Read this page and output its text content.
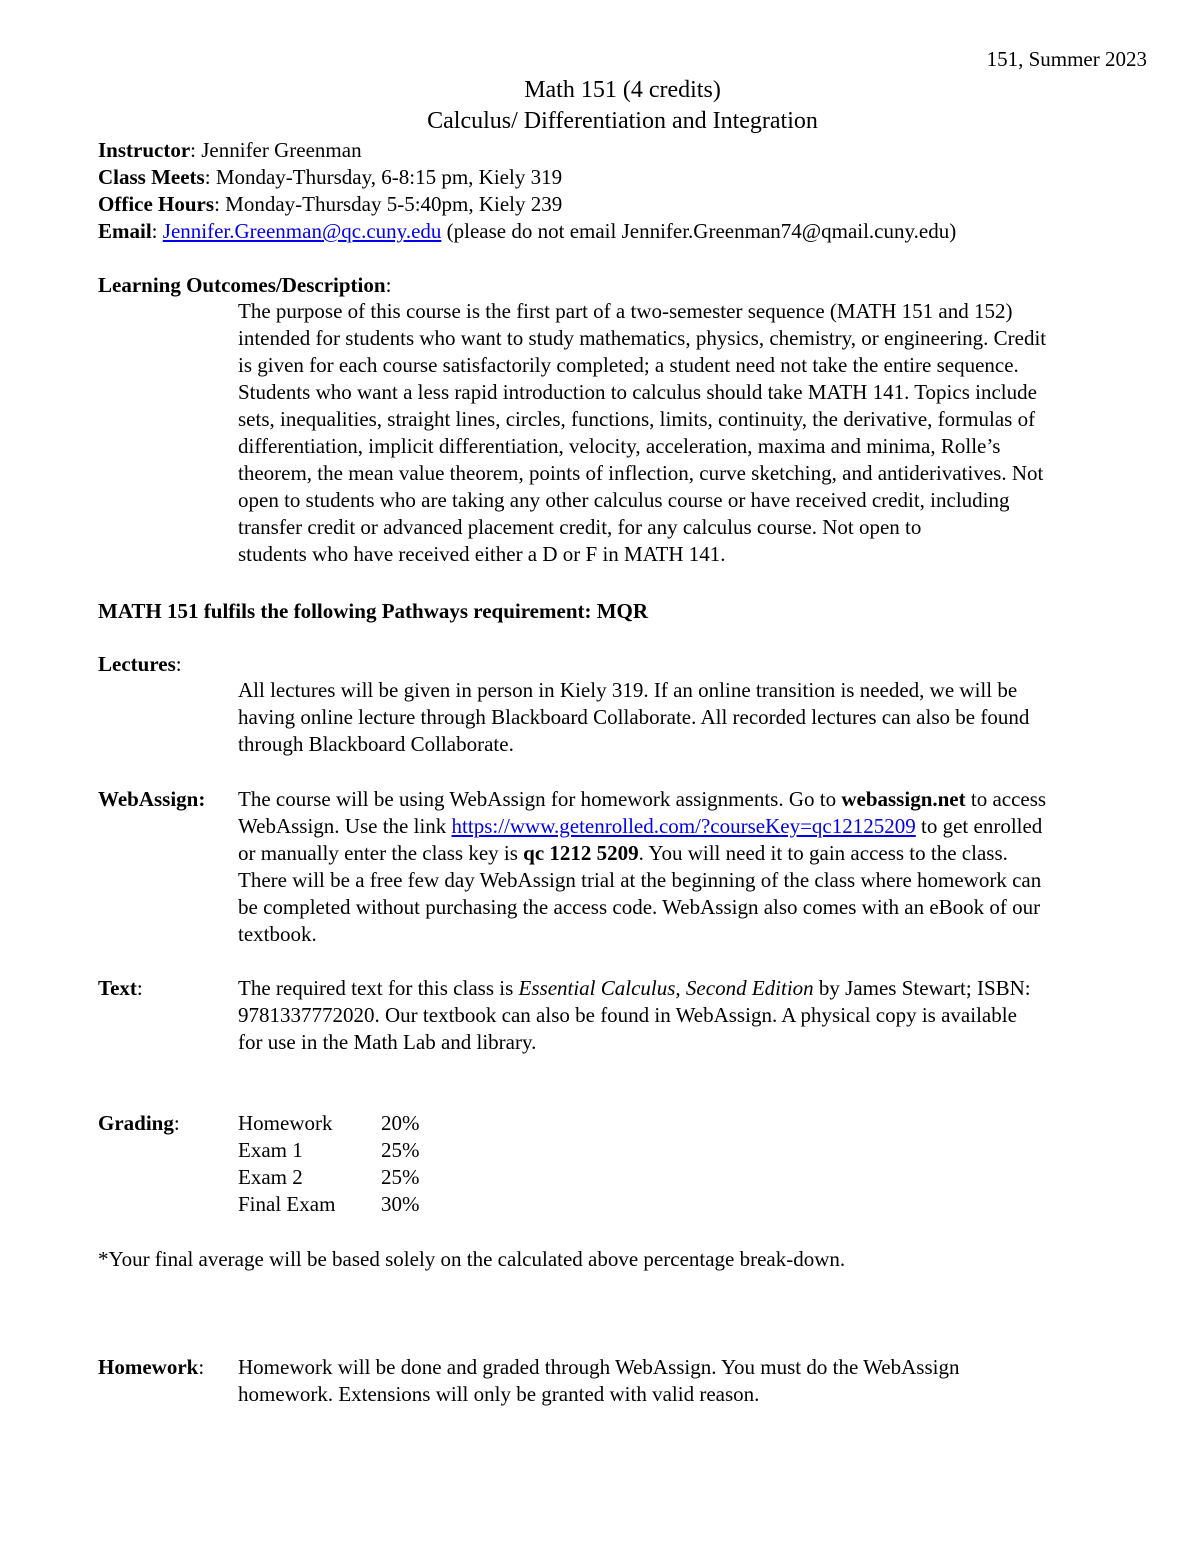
151, Summer 2023
Math 151 (4 credits)
Calculus/ Differentiation and Integration
Instructor: Jennifer Greenman
Class Meets: Monday-Thursday, 6-8:15 pm, Kiely 319
Office Hours: Monday-Thursday 5-5:40pm, Kiely 239
Email: Jennifer.Greenman@qc.cuny.edu (please do not email Jennifer.Greenman74@qmail.cuny.edu)
Learning Outcomes/Description:
The purpose of this course is the first part of a two-semester sequence (MATH 151 and 152)
intended for students who want to study mathematics, physics, chemistry, or engineering. Credit
is given for each course satisfactorily completed; a student need not take the entire sequence.
Students who want a less rapid introduction to calculus should take MATH 141. Topics include
sets, inequalities, straight lines, circles, functions, limits, continuity, the derivative, formulas of
differentiation, implicit differentiation, velocity, acceleration, maxima and minima, Rolle’s
theorem, the mean value theorem, points of inflection, curve sketching, and antiderivatives. Not
open to students who are taking any other calculus course or have received credit, including
transfer credit or advanced placement credit, for any calculus course. Not open to
students who have received either a D or F in MATH 141.
MATH 151 fulfils the following Pathways requirement: MQR
Lectures:
All lectures will be given in person in Kiely 319. If an online transition is needed, we will be
having online lecture through Blackboard Collaborate. All recorded lectures can also be found
through Blackboard Collaborate.
WebAssign: The course will be using WebAssign for homework assignments. Go to webassign.net to access
WebAssign. Use the link https://www.getenrolled.com/?courseKey=qc12125209 to get enrolled
or manually enter the class key is qc 1212 5209. You will need it to gain access to the class.
There will be a free few day WebAssign trial at the beginning of the class where homework can
be completed without purchasing the access code. WebAssign also comes with an eBook of our
textbook.
Text:	The required text for this class is Essential Calculus, Second Edition by James Stewart; ISBN:
9781337772020. Our textbook can also be found in WebAssign. A physical copy is available
for use in the Math Lab and library.
Grading:	Homework 20%
Exam 1	25%
Exam 2	25%
Final Exam 30%
*Your final average will be based solely on the calculated above percentage break-down.
Homework: Homework will be done and graded through WebAssign. You must do the WebAssign
homework. Extensions will only be granted with valid reason.
